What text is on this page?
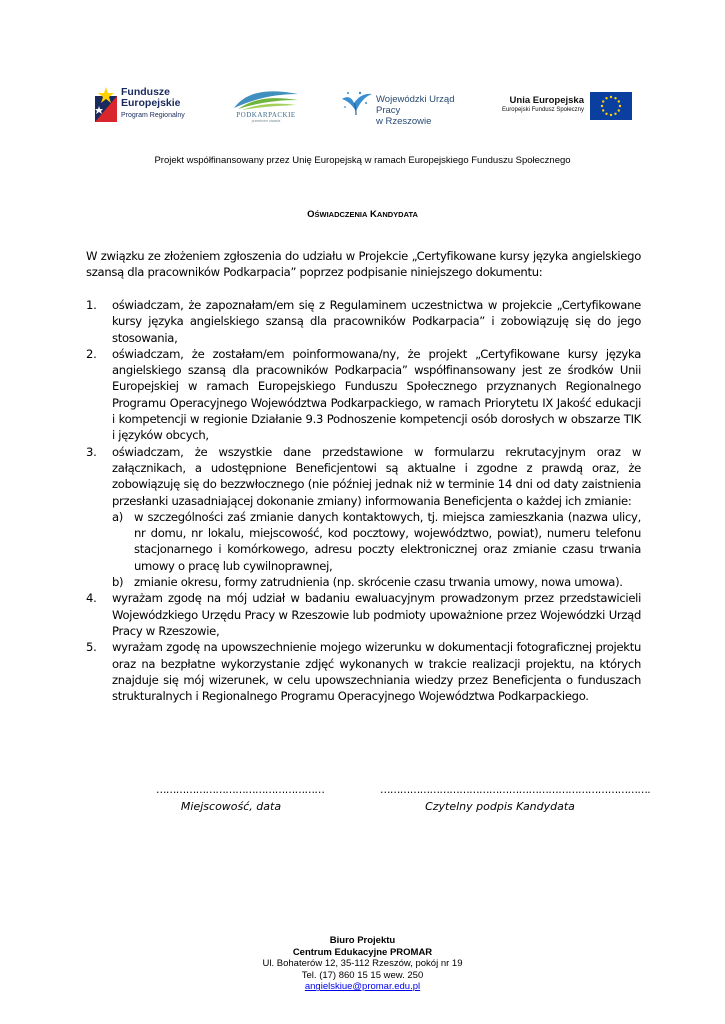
Fundusze
Europejskie
Program Regionalny	PODKARPACKIE
przestrzeń otwarta
Wojewódzki Urząd Pracy
w Rzeszowie
Unia Europejska
Europejski Fundusz Społeczny
Projekt współfinansowany przez Unię Europejską w ramach Europejskiego Funduszu Społecznego
OŚWIADCZENIA KANDYDATA
W związku ze złożeniem zgłoszenia do udziału w Projekcie „Certyfikowane kursy języka angielskiego szansą dla pracowników Podkarpacia” poprzez podpisanie niniejszego dokumentu:
1. oświadczam, że zapoznałam/em się z Regulaminem uczestnictwa w projekcie „Certyfikowane kursy języka angielskiego szansą dla pracowników Podkarpacia” i zobowiązuję się do jego stosowania,
2. oświadczam, że zostałam/em poinformowana/ny, że projekt „Certyfikowane kursy języka angielskiego szansą dla pracowników Podkarpacia” współfinansowany jest ze środków Unii Europejskiej w ramach Europejskiego Funduszu Społecznego przyznanych Regionalnego Programu Operacyjnego Województwa Podkarpackiego, w ramach Priorytetu IX Jakość edukacji i kompetencji w regionie Działanie 9.3 Podnoszenie kompetencji osób dorosłych w obszarze TIK i języków obcych,
3. oświadczam, że wszystkie dane przedstawione w formularzu rekrutacyjnym oraz w załącznikach, a udostępnione Beneficjentowi są aktualne i zgodne z prawdą oraz, że zobowiązuję się do bezzwłocznego (nie później jednak niż w terminie 14 dni od daty zaistnienia przesłanki uzasadniającej dokonanie zmiany) informowania Beneficjenta o każdej ich zmianie:
a) w szczególności zaś zmianie danych kontaktowych, tj. miejsca zamieszkania (nazwa ulicy, nr domu, nr lokalu, miejscowość, kod pocztowy, województwo, powiat), numeru telefonu stacjonarnego i komórkowego, adresu poczty elektronicznej oraz zmianie czasu trwania umowy o pracę lub cywilnoprawnej,
b) zmianie okresu, formy zatrudnienia (np. skrócenie czasu trwania umowy, nowa umowa).
4. wyrażam zgodę na mój udział w badaniu ewaluacyjnym prowadzonym przez przedstawicieli Wojewódzkiego Urzędu Pracy w Rzeszowie lub podmioty upoważnione przez Wojewódzki Urząd Pracy w Rzeszowie,
5. wyrażam zgodę na upowszechnienie mojego wizerunku w dokumentacji fotograficznej projektu oraz na bezpłatne wykorzystanie zdjęć wykonanych w trakcie realizacji projektu, na których znajduje się mój wizerunek, w celu upowszechniania wiedzy przez Beneficjenta o funduszach strukturalnych i Regionalnego Programu Operacyjnego Województwa Podkarpackiego.
……………………………………………
Miejscowość, data
……………………………………………………………………….
Czytelny podpis Kandydata
Biuro Projektu
Centrum Edukacyjne PROMAR
Ul. Bohaterów 12, 35-112 Rzeszów, pokój nr 19
Tel. (17) 860 15 15 wew. 250
angielskiue@promar.edu.pl
